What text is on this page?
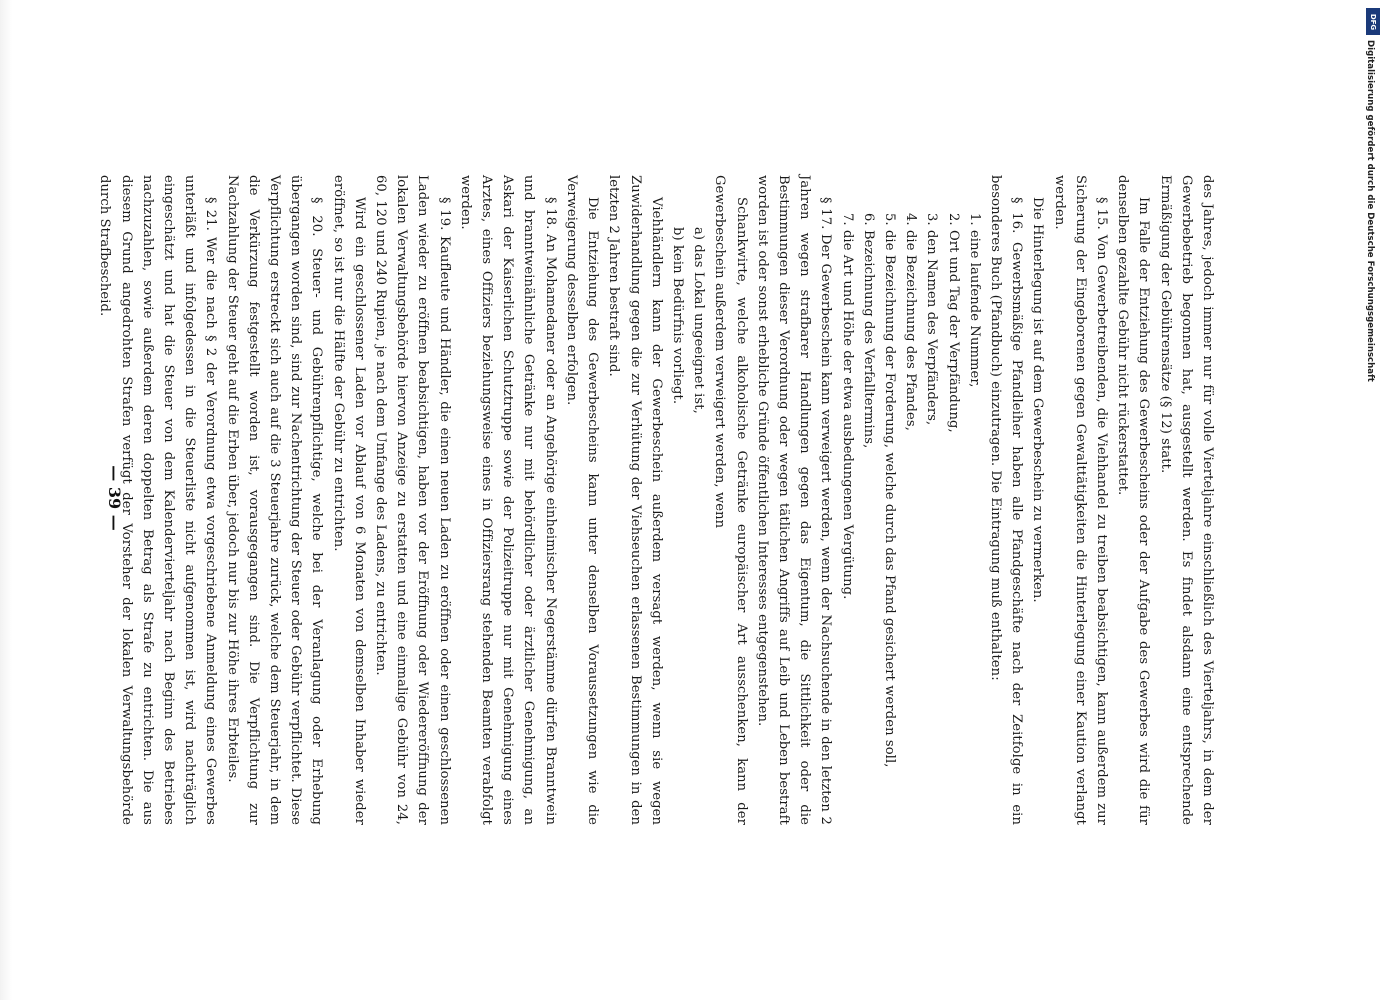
— 39 —	des Jahres, jedoch immer nur für volle Vierteljahre einschließlich des Vierteljahrs, in dem der Gewerbebetrieb begonnen hat, ausgestellt werden. Es findet alsdann eine entsprechende Ermäßigung der Gebührensätze (§ 12) statt.

Im Falle der Entziehung des Gewerbescheins oder der Aufgabe des Gewerbes wird die für denselben gezahlte Gebühr nicht rückerstattet.

§ 15. Von Gewerbetreibenden, die Viehhandel zu treiben beabsichtigen, kann außerdem zur Sicherung der Eingeborenen gegen Gewalttätigkeiten die Hinterlegung einer Kaution verlangt werden.

Die Hinterlegung ist auf dem Gewerbeschein zu vermerken.

§ 16. Gewerbsmäßige Pfandleiher haben alle Pfandgeschäfte nach der Zeitfolge in ein besonderes Buch (Pfandbuch) einzutragen. Die Eintragung muß enthalten:

1. eine laufende Nummer,
2. Ort und Tag der Verpfändung,
3. den Namen des Verpfänders,
4. die Bezeichnung des Pfandes,
5. die Bezeichnung der Forderung, welche durch das Pfand gesichert werden soll,
6. Bezeichnung des Verfalltermins,
7. die Art und Höhe der etwa ausbedungenen Vergütung.

§ 17. Der Gewerbeschein kann verweigert werden, wenn der Nachsuchende in den letzten 2 Jahren wegen strafbarer Handlungen gegen das Eigentum, die Sittlichkeit oder die Bestimmungen dieser Verordnung oder wegen tätlichen Angriffs auf Leib und Leben bestraft worden ist oder sonst erhebliche Gründe öffentlichen Interesses entgegenstehen.

Schankwirte, welche alkoholische Getränke europäischer Art ausschenken, kann der Gewerbeschein außerdem verweigert werden, wenn

a) das Lokal ungeeignet ist,
b) kein Bedürfnis vorliegt.

Viehhändlern kann der Gewerbeschein außerdem versagt werden, wenn sie wegen Zuwiderhandlung gegen die zur Verhütung der Viehseuchen erlassenen Bestimmungen in den letzten 2 Jahren bestraft sind.

Die Entziehung des Gewerbescheins kann unter denselben Voraussetzungen wie die Verweigerung desselben erfolgen.

§ 18. An Mohamedaner oder an Angehörige einheimischer Negerstämme dürfen Branntwein und branntweinähnliche Getränke nur mit behördlicher oder ärztlicher Genehmigung, an Askari der Kaiserlichen Schutztruppe sowie der Polizeitruppe nur mit Genehmigung eines Arztes, eines Offiziers beziehungsweise eines in Offiziersrang stehenden Beamten verabfolgt werden.

§ 19. Kaufleute und Händler, die einen neuen Laden zu eröffnen oder einen geschlossenen Laden wieder zu eröffnen beabsichtigen, haben vor der Eröffnung oder Wiedereröffnung der lokalen Verwaltungsbehörde hiervon Anzeige zu erstatten und eine einmalige Gebühr von 24, 60, 120 und 240 Rupien, je nach dem Umfange des Ladens, zu entrichten.

Wird ein geschlossener Laden vor Ablauf von 6 Monaten von demselben Inhaber wieder eröffnet, so ist nur die Hälfte der Gebühr zu entrichten.

§ 20. Steuer- und Gebührenpflichtige, welche bei der Veranlagung oder Erhebung übergangen worden sind, sind zur Nachentrichtung der Steuer oder Gebühr verpflichtet. Diese Verpflichtung erstreckt sich auch auf die 3 Steuerjahre zurück, welche dem Steuerjahr, in dem die Verkürzung festgestellt worden ist, vorausgegangen sind. Die Verpflichtung zur Nachzahlung der Steuer geht auf die Erben über, jedoch nur bis zur Höhe ihres Erbteiles.

§ 21. Wer die nach § 2 der Verordnung etwa vorgeschriebene Anmeldung eines Gewerbes unterläßt und infolgedessen in die Steuerliste nicht aufgenommen ist, wird nachträglich eingeschätzt und hat die Steuer von dem Kalendervierteljahr nach Beginn des Betriebes nachzuzahlen, sowie außerdem deren doppelten Betrag als Strafe zu entrichten. Die aus diesem Grund angedrohten Strafen verfügt der Vorsteher der lokalen Verwaltungsbehörde durch Strafbescheid.

DFG
Digitalisierung gefördert durch die Deutsche Forschungsgemeinschaft
